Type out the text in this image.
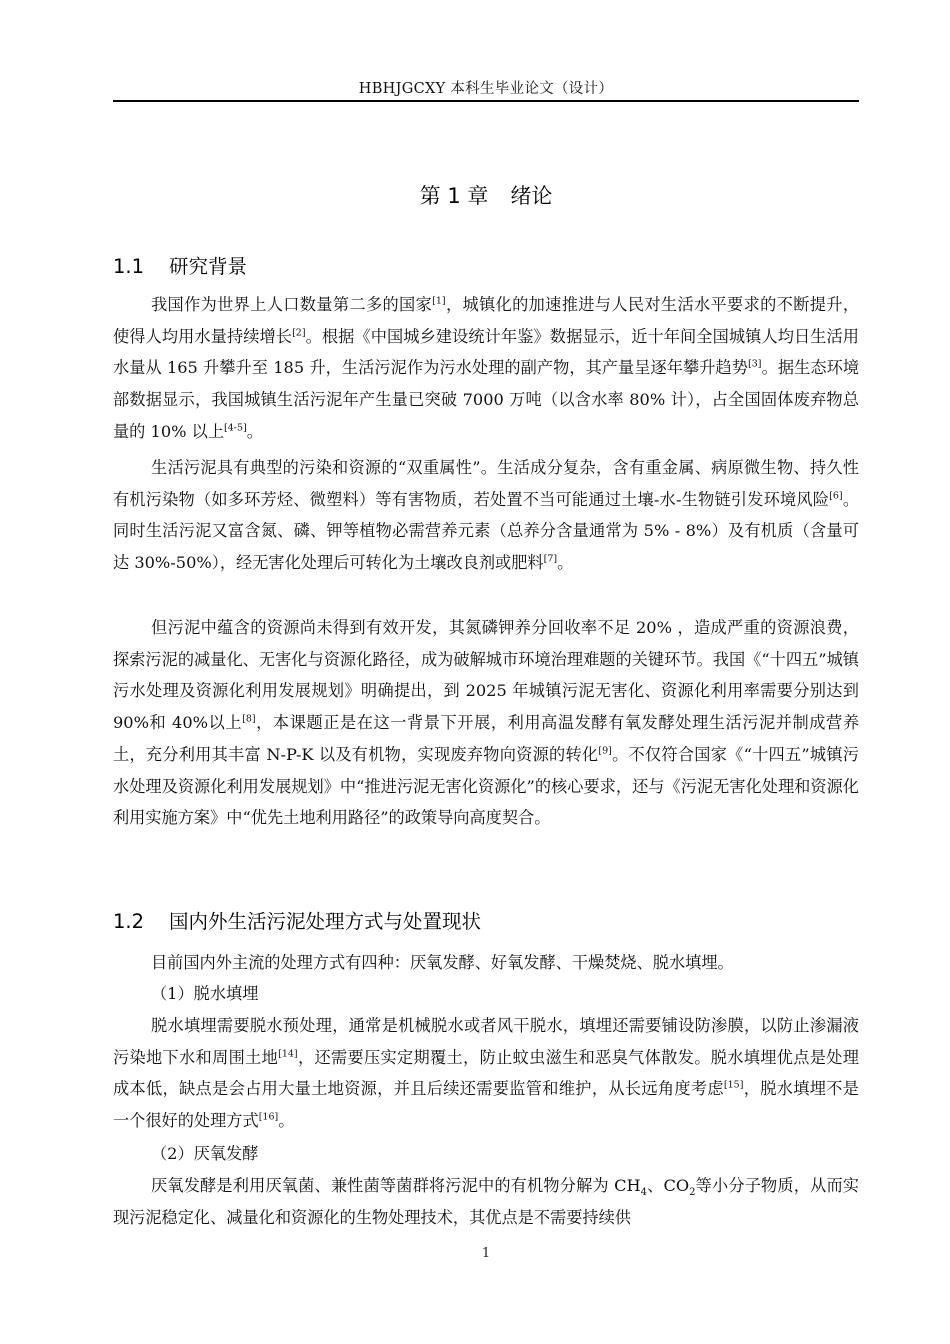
HBHJGCXY 本科生毕业论文（设计）
第 1 章 绪论
1.1 研究背景

我国作为世界上人口数量第二多的国家[1]，城镇化的加速推进与人民对生活水平要求的不断提升，使得人均用水量持续增长[2]。根据《中国城乡建设统计年鉴》数据显示，近十年间全国城镇人均日生活用水量从 165 升攀升至 185 升，生活污泥作为污水处理的副产物，其产量呈逐年攀升趋势[3]。据生态环境部数据显示，我国城镇生活污泥年产生量已突破 7000 万吨（以含水率 80% 计），占全国固体废弃物总量的 10% 以上[4-5]。

生活污泥具有典型的污染和资源的“双重属性”。生活成分复杂，含有重金属、病原微生物、持久性有机污染物（如多环芳烃、微塑料）等有害物质，若处置不当可能通过土壤-水-生物链引发环境风险[6]。同时生活污泥又富含氮、磷、钾等植物必需营养元素（总养分含量通常为 5% - 8%）及有机质（含量可达 30%-50%），经无害化处理后可转化为土壤改良剂或肥料[7]。

但污泥中蕴含的资源尚未得到有效开发，其氮磷钾养分回收率不足 20% ，造成严重的资源浪费，探索污泥的减量化、无害化与资源化路径，成为破解城市环境治理难题的关键环节。我国《“十四五”城镇污水处理及资源化利用发展规划》明确提出，到 2025 年城镇污泥无害化、资源化利用率需要分别达到 90%和 40%以上[8]，本课题正是在这一背景下开展，利用高温发酵有氧发酵处理生活污泥并制成营养土，充分利用其丰富 N-P-K 以及有机物，实现废弃物向资源的转化[9]。不仅符合国家《“十四五”城镇污水处理及资源化利用发展规划》中“推进污泥无害化资源化”的核心要求，还与《污泥无害化处理和资源化利用实施方案》中“优先土地利用路径”的政策导向高度契合。

1.2 国内外生活污泥处理方式与处置现状

目前国内外主流的处理方式有四种：厌氧发酵、好氧发酵、干燥焚烧、脱水填埋。

（1）脱水填埋

脱水填埋需要脱水预处理，通常是机械脱水或者风干脱水，填埋还需要铺设防渗膜，以防止渗漏液污染地下水和周围土地[14]，还需要压实定期覆土，防止蚊虫滋生和恶臭气体散发。脱水填埋优点是处理成本低，缺点是会占用大量土地资源，并且后续还需要监管和维护，从长远角度考虑[15]，脱水填埋不是一个很好的处理方式[16]。

（2）厌氧发酵

厌氧发酵是利用厌氧菌、兼性菌等菌群将污泥中的有机物分解为 $CH_4$、$CO_2$等小分子物质，从而实现污泥稳定化、减量化和资源化的生物处理技术，其优点是不需要持续供

1
